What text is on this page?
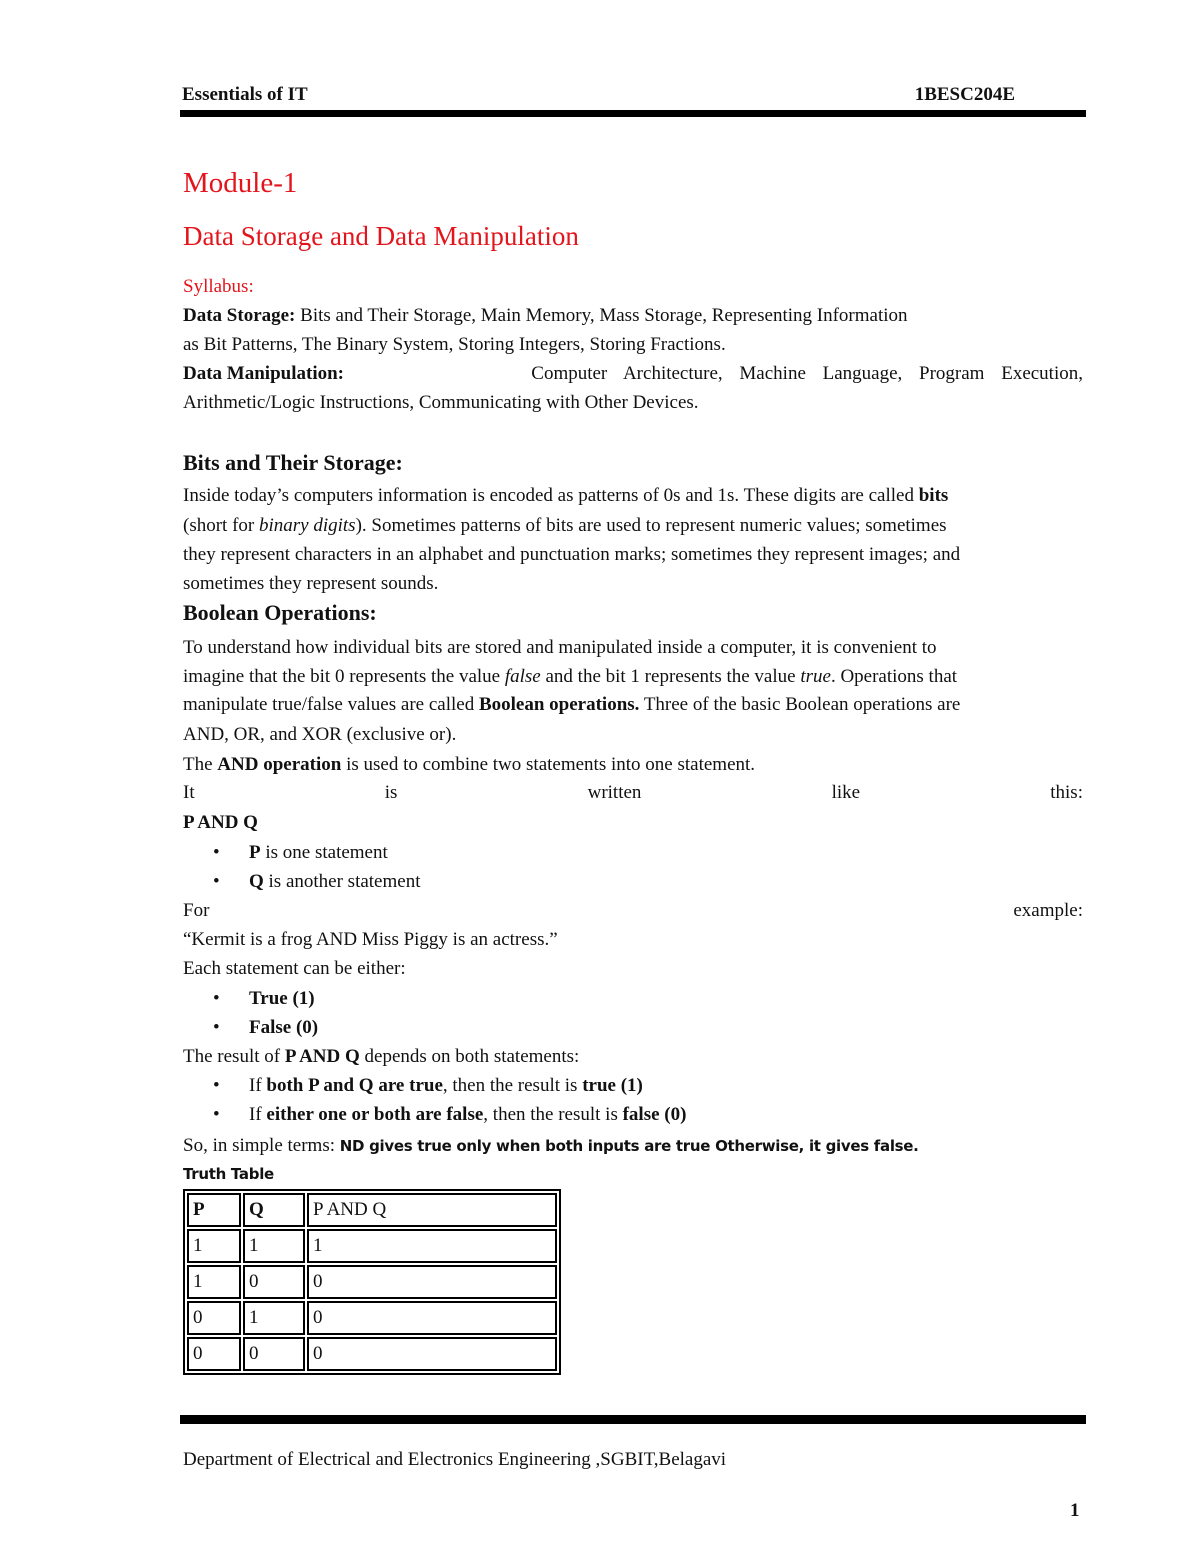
Essentials of IT	1BESC204E
Module-1
Data Storage and Data Manipulation
Syllabus:
Data Storage: Bits and Their Storage, Main Memory, Mass Storage, Representing Information
as Bit Patterns, The Binary System, Storing Integers, Storing Fractions.
Data Manipulation:	Computer Architecture, Machine Language, Program Execution,
Arithmetic/Logic Instructions, Communicating with Other Devices.
Bits and Their Storage:
Inside today’s computers information is encoded as patterns of 0s and 1s. These digits are called bits
(short for binary digits). Sometimes patterns of bits are used to represent numeric values; sometimes
they represent characters in an alphabet and punctuation marks; sometimes they represent images; and
sometimes they represent sounds.
Boolean Operations:
To understand how individual bits are stored and manipulated inside a computer, it is convenient to
imagine that the bit 0 represents the value false and the bit 1 represents the value true. Operations that
manipulate true/false values are called Boolean operations. Three of the basic Boolean operations are
AND, OR, and XOR (exclusive or).
The AND operation is used to combine two statements into one statement.
It	is	written	like	this:
P AND Q
• P is one statement
• Q is another statement
For	example:
“Kermit is a frog AND Miss Piggy is an actress.”
Each statement can be either:
• True (1)
• False (0)
The result of P AND Q depends on both statements:
• If both P and Q are true, then the result is true (1)
• If either one or both are false, then the result is false (0)
So, in simple terms: ND gives true only when both inputs are true Otherwise, it gives false.
Truth Table
P	Q	P AND Q
1	1	1
1	0	0
0	1	0
0	0	0
Department of Electrical and Electronics Engineering ,SGBIT,Belagavi
1
